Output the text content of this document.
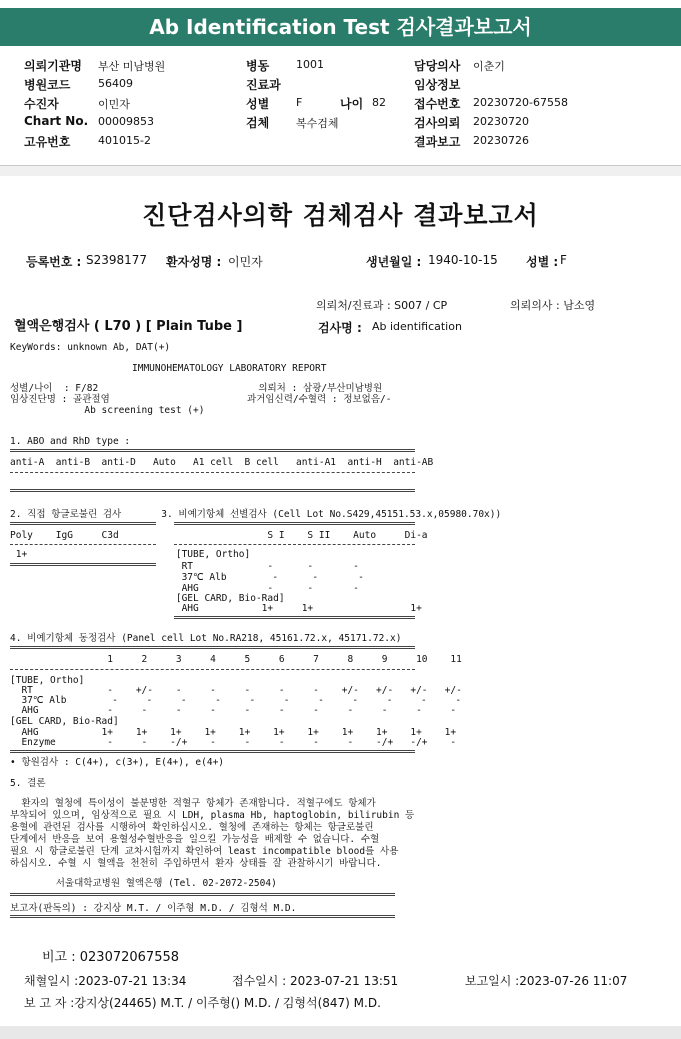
Ab Identification Test 검사결과보고서
의뢰기관명 부산 미남병원
병원코드	56409
수진자	이민자
Chart No. 00009853
고유번호	401015-2
병동 1001
진료과
성별 F	나이 82
검체 복수검체
담당의사 이춘기
임상정보
접수번호 20230720-67558
검사의뢰 20230720
결과보고 20230726
진단검사의학 검체검사 결과보고서
등록번호 : S2398177 환자성명 : 이민자	생년월일 : 1940-10-15 성별 : F
의뢰처/진료과 : S007 / CP	의뢰의사 : 남소영
혈액은행검사 ( L70 ) [ Plain Tube ]	검사명 : Ab identification
KeyWords: unknown Ab, DAT(+)
IMMUNOHEMATOLOGY LABORATORY REPORT
성별/나이  : F/82                            의뢰처 : 삼광/부산미남병원
임상진단명 : 골관절염                        과거임신력/수혈력 : 정보없음/-
Ab screening test (+)
1. ABO and RhD type :
anti-A  anti-B  anti-D   Auto   A1 cell  B cell   anti-A1  anti-H  anti-AB
2. 직접 항글로불린 검사       3. 비예기항체 선별검사 (Cell Lot No.S429,45151.53.x,05980.70x))
Poly    IgG     C3d                          S I    S II    Auto     Di-a
1+                          [TUBE, Ortho]
RT             -      -       -
37℃ Alb        -      -       -
AHG            -      -       -
[GEL CARD, Bio-Rad]
AHG           1+     1+                 1+
4. 비예기항체 동정검사 (Panel cell Lot No.RA218, 45161.72.x, 45171.72.x)
1     2     3     4     5     6     7     8     9     10    11
[TUBE, Ortho]
RT             -    +/-    -     -     -     -     -    +/-   +/-   +/-   +/-
37℃ Alb        -     -     -     -     -     -     -     -     -     -     -
AHG            -     -     -     -     -     -     -     -     -     -     -
[GEL CARD, Bio-Rad]
AHG           1+    1+    1+    1+    1+    1+    1+    1+    1+    1+    1+
Enzyme         -     -    -/+    -     -     -     -     -    -/+   -/+    -
• 항원검사 : C(4+), c(3+), E(4+), e(4+)
5. 결론
환자의 혈청에 특이성이 불분명한 적혈구 항체가 존재합니다. 적혈구에도 항체가
부착되어 있으며, 임상적으로 필요 시 LDH, plasma Hb, haptoglobin, bilirubin 등
용혈에 관련된 검사를 시행하여 확인하십시오. 혈청에 존재하는 항체는 항글로불린
단계에서 반응을 보여 용혈성수혈반응을 일으킬 가능성을 배제할 수 없습니다. 수혈
필요 시 항글로불린 단계 교차시험까지 확인하여 least incompatible blood를 사용
하십시오. 수혈 시 혈액을 천천히 주입하면서 환자 상태를 잘 관찰하시기 바랍니다.
서울대학교병원 혈액은행 (Tel. 02-2072-2504)
보고자(판독의) : 강지상 M.T. / 이주형 M.D. / 김형석 M.D.
비고 : 023072067558
채혈일시 :2023-07-21 13:34	접수일시 : 2023-07-21 13:51	보고일시 :2023-07-26 11:07
보 고 자 :강지상(24465) M.T. / 이주형() M.D. / 김형석(847) M.D.
